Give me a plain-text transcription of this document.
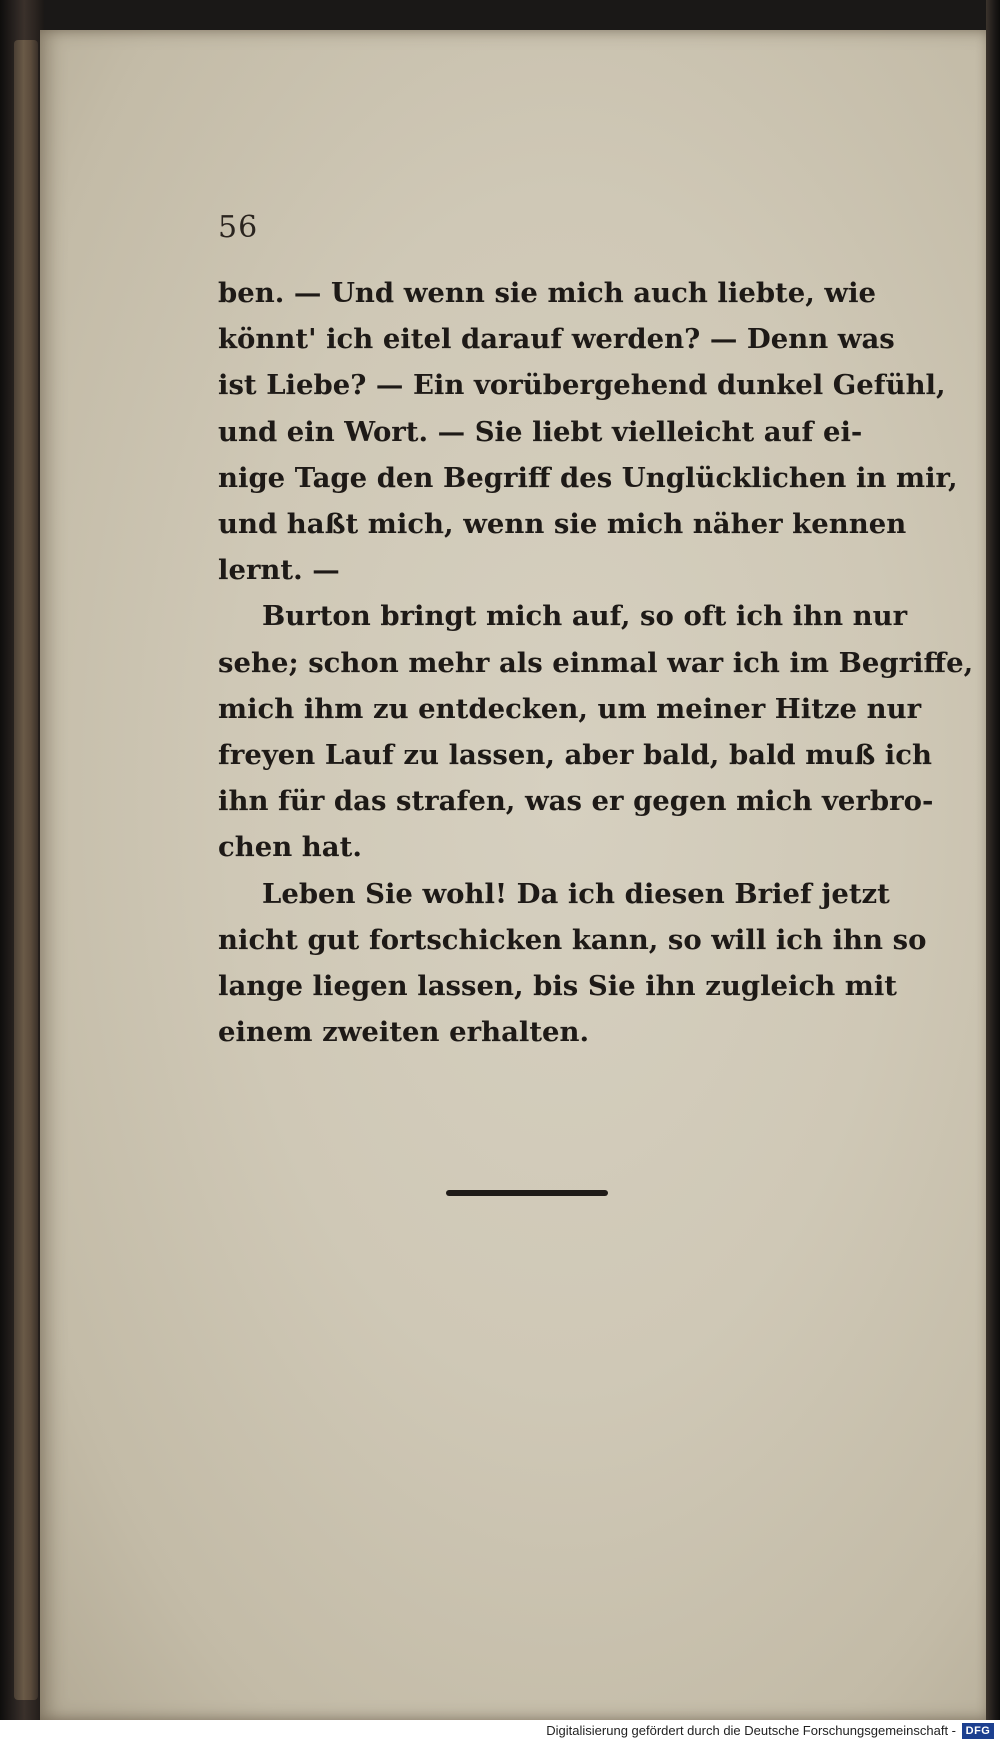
56

ben. — Und wenn sie mich auch liebte, wie
könnt' ich eitel darauf werden? — Denn was
ist Liebe? — Ein vorübergehend dunkel Gefühl,
und ein Wort. — Sie liebt vielleicht auf ei-
nige Tage den Begriff des Unglücklichen in mir,
und haßt mich, wenn sie mich näher kennen
lernt. —

Burton bringt mich auf, so oft ich ihn nur
sehe; schon mehr als einmal war ich im Begriffe,
mich ihm zu entdecken, um meiner Hitze nur
freyen Lauf zu lassen, aber bald, bald muß ich
ihn für das strafen, was er gegen mich verbro-
chen hat.

Leben Sie wohl! Da ich diesen Brief jetzt
nicht gut fortschicken kann, so will ich ihn so
lange liegen lassen, bis Sie ihn zugleich mit
einem zweiten erhalten.

Digitalisierung gefördert durch die Deutsche Forschungsgemeinschaft - DFG
